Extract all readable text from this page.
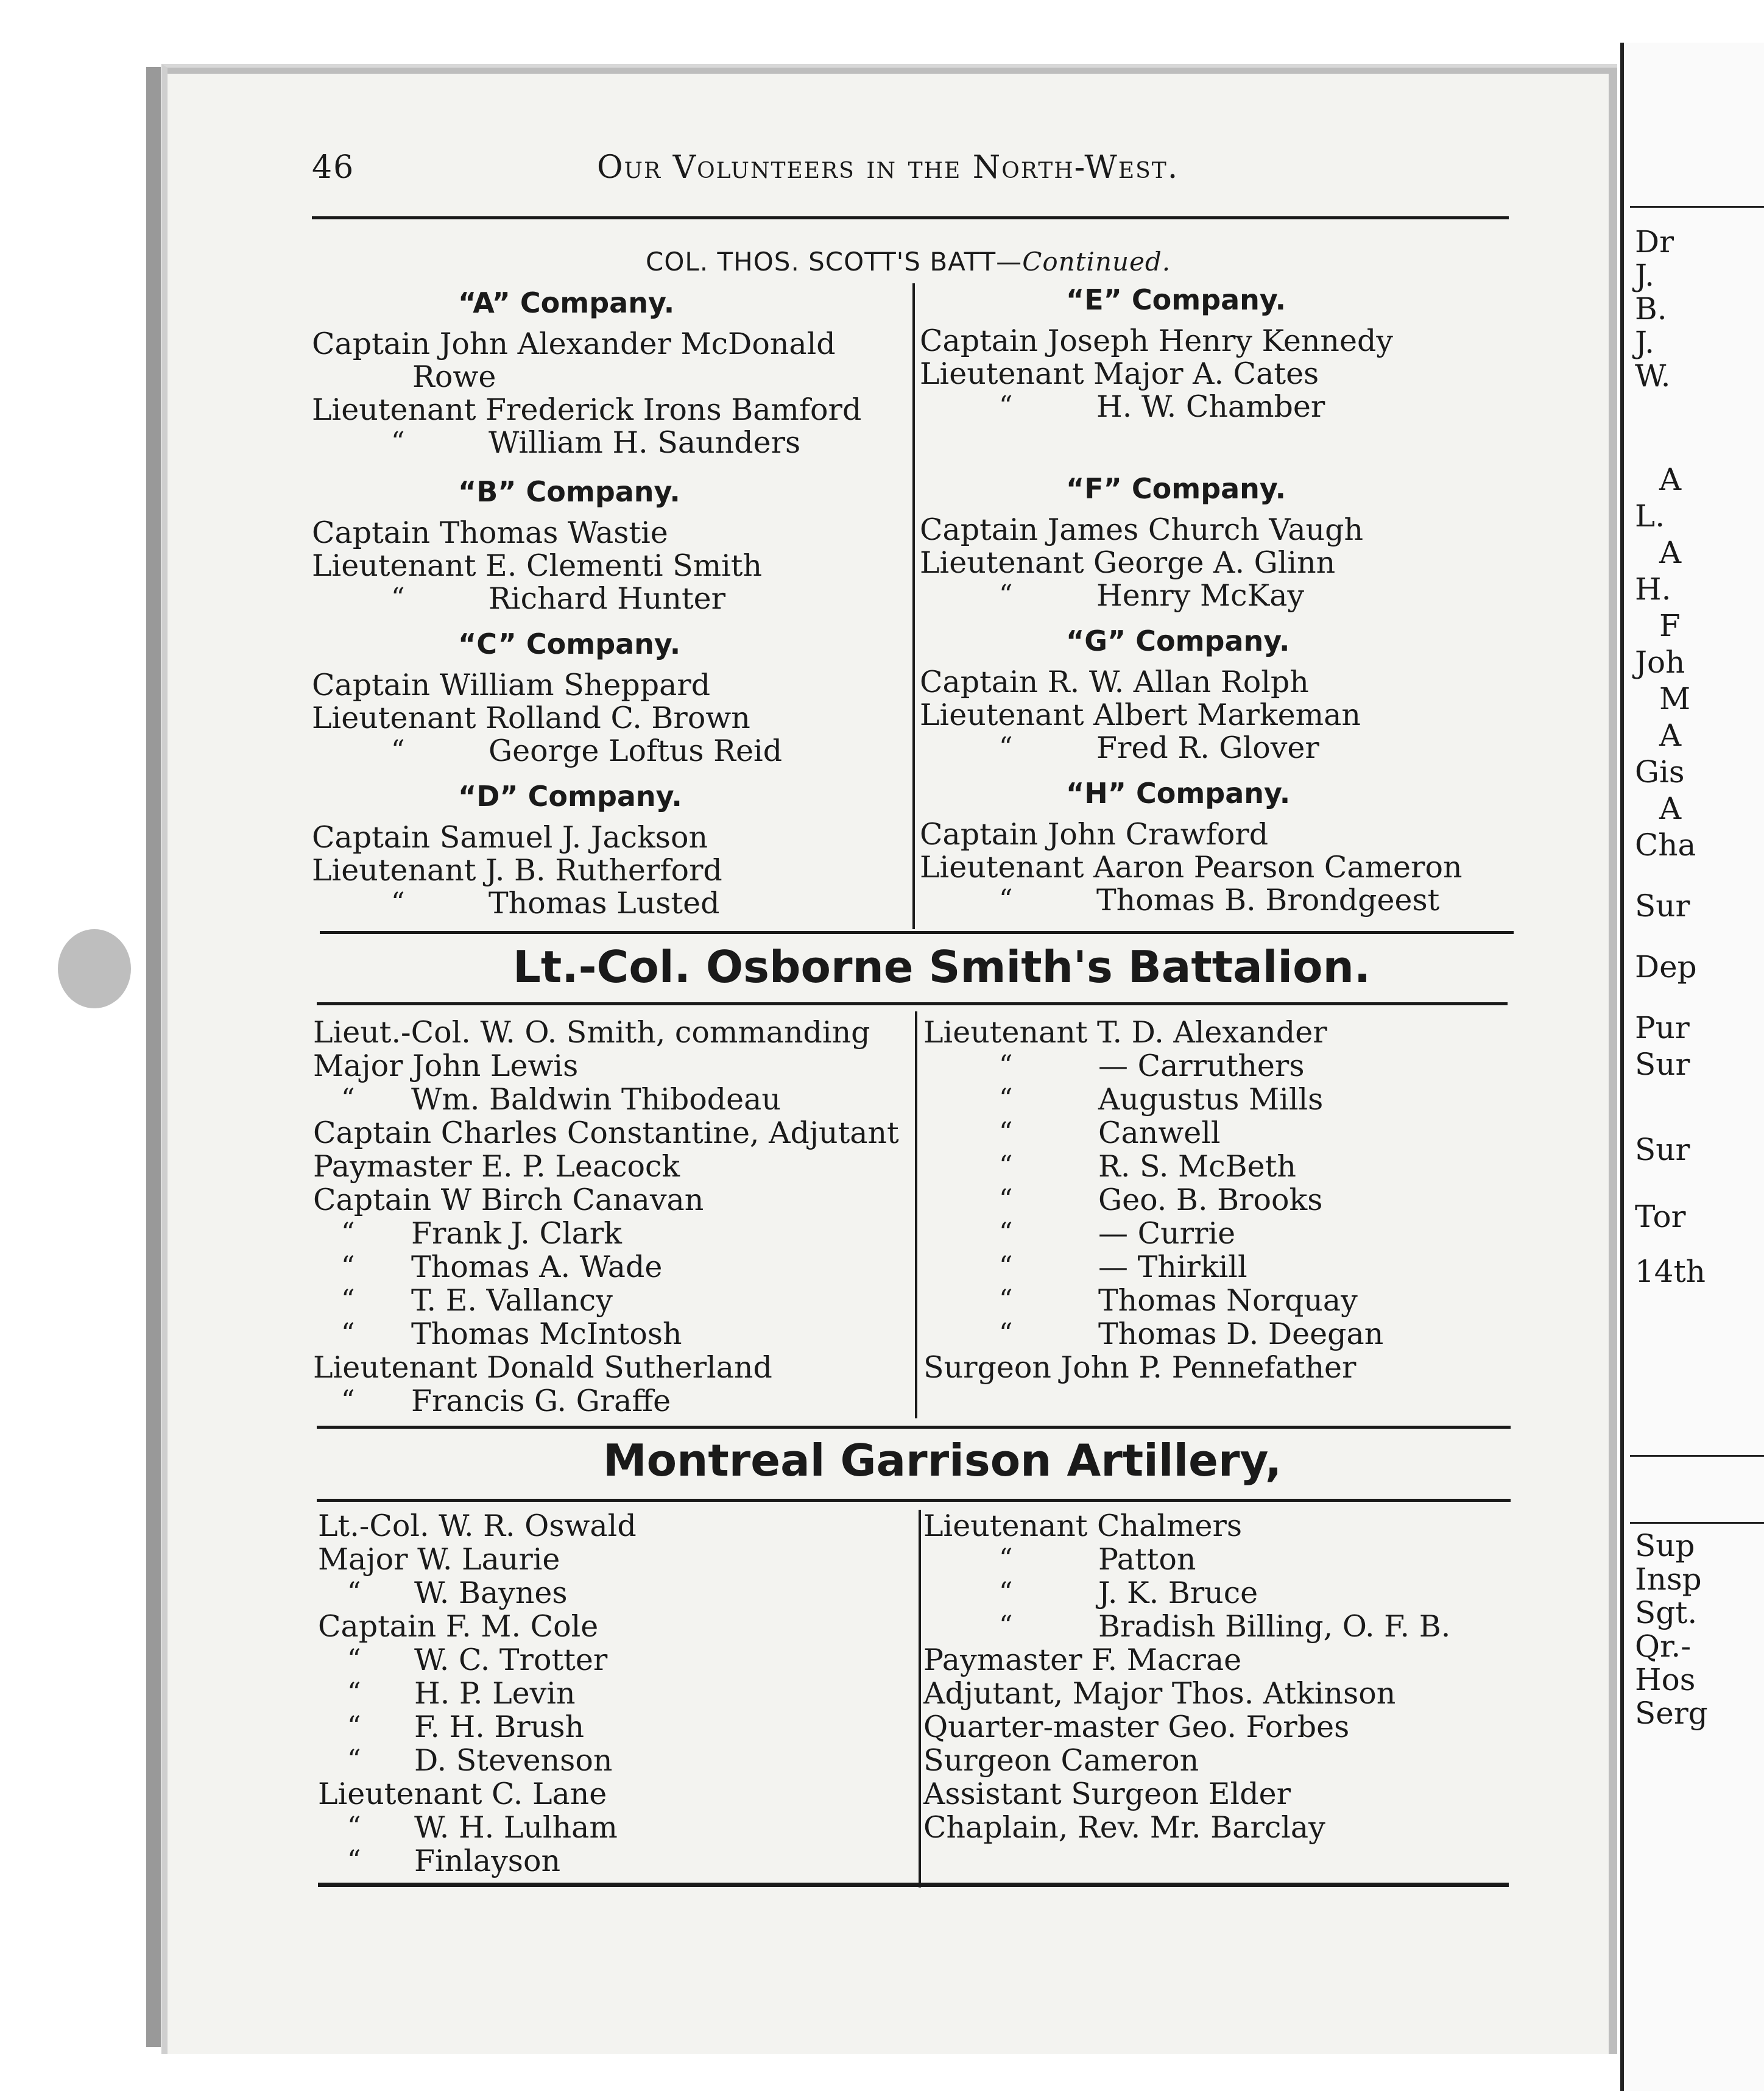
46	Our Volunteers in the North-West.
COL. THOS. SCOTT'S BATT—Continued.
“A” Company.
Captain John Alexander McDonald
Rowe
Lieutenant Frederick Irons Bamford
“	William H. Saunders
“B” Company.
Captain Thomas Wastie
Lieutenant E. Clementi Smith
“	Richard Hunter
“C” Company.
Captain William Sheppard
Lieutenant Rolland C. Brown
“	George Loftus Reid
“D” Company.
Captain Samuel J. Jackson
Lieutenant J. B. Rutherford
“	Thomas Lusted
“E” Company.
Captain Joseph Henry Kennedy
Lieutenant Major A. Cates
“	H. W. Chamber
“F” Company.
Captain James Church Vaugh
Lieutenant George A. Glinn
“	Henry McKay
“G” Company.
Captain R. W. Allan Rolph
Lieutenant Albert Markeman
“	Fred R. Glover
“H” Company.
Captain John Crawford
Lieutenant Aaron Pearson Cameron
“	Thomas B. Brondgeest
Lt.-Col. Osborne Smith's Battalion.
Lieut.-Col. W. O. Smith, commanding
Major John Lewis
“ Wm. Baldwin Thibodeau
Captain Charles Constantine, Adjutant
Paymaster E. P. Leacock
Captain W Birch Canavan
“ Frank J. Clark
“ Thomas A. Wade
“ T. E. Vallancy
“ Thomas McIntosh
Lieutenant Donald Sutherland
“ Francis G. Graffe
Lieutenant T. D. Alexander
“	— Carruthers
“	Augustus Mills
“	Canwell
“	R. S. McBeth
“	Geo. B. Brooks
“	— Currie
“	— Thirkill
“	Thomas Norquay
“	Thomas D. Deegan
Surgeon John P. Pennefather
Montreal Garrison Artillery,
Lt.-Col. W. R. Oswald
Major W. Laurie
“ W. Baynes
Captain F. M. Cole
“ W. C. Trotter
“ H. P. Levin
“ F. H. Brush
“ D. Stevenson
Lieutenant C. Lane
“ W. H. Lulham
“ Finlayson
Lieutenant Chalmers
“	Patton
“	J. K. Bruce
“	Bradish Billing, O. F. B.
Paymaster F. Macrae
Adjutant, Major Thos. Atkinson
Quarter-master Geo. Forbes
Surgeon Cameron
Assistant Surgeon Elder
Chaplain, Rev. Mr. Barclay
Dr
J.
B.
J.
W.
A
L.
A
H.
F
Joh
M
A
Gis
A
Cha
Sur
Dep
Pur
Sur
Sur
Tor
14th
Sup
Insp
Sgt.
Qr.-
Hos
Serg
